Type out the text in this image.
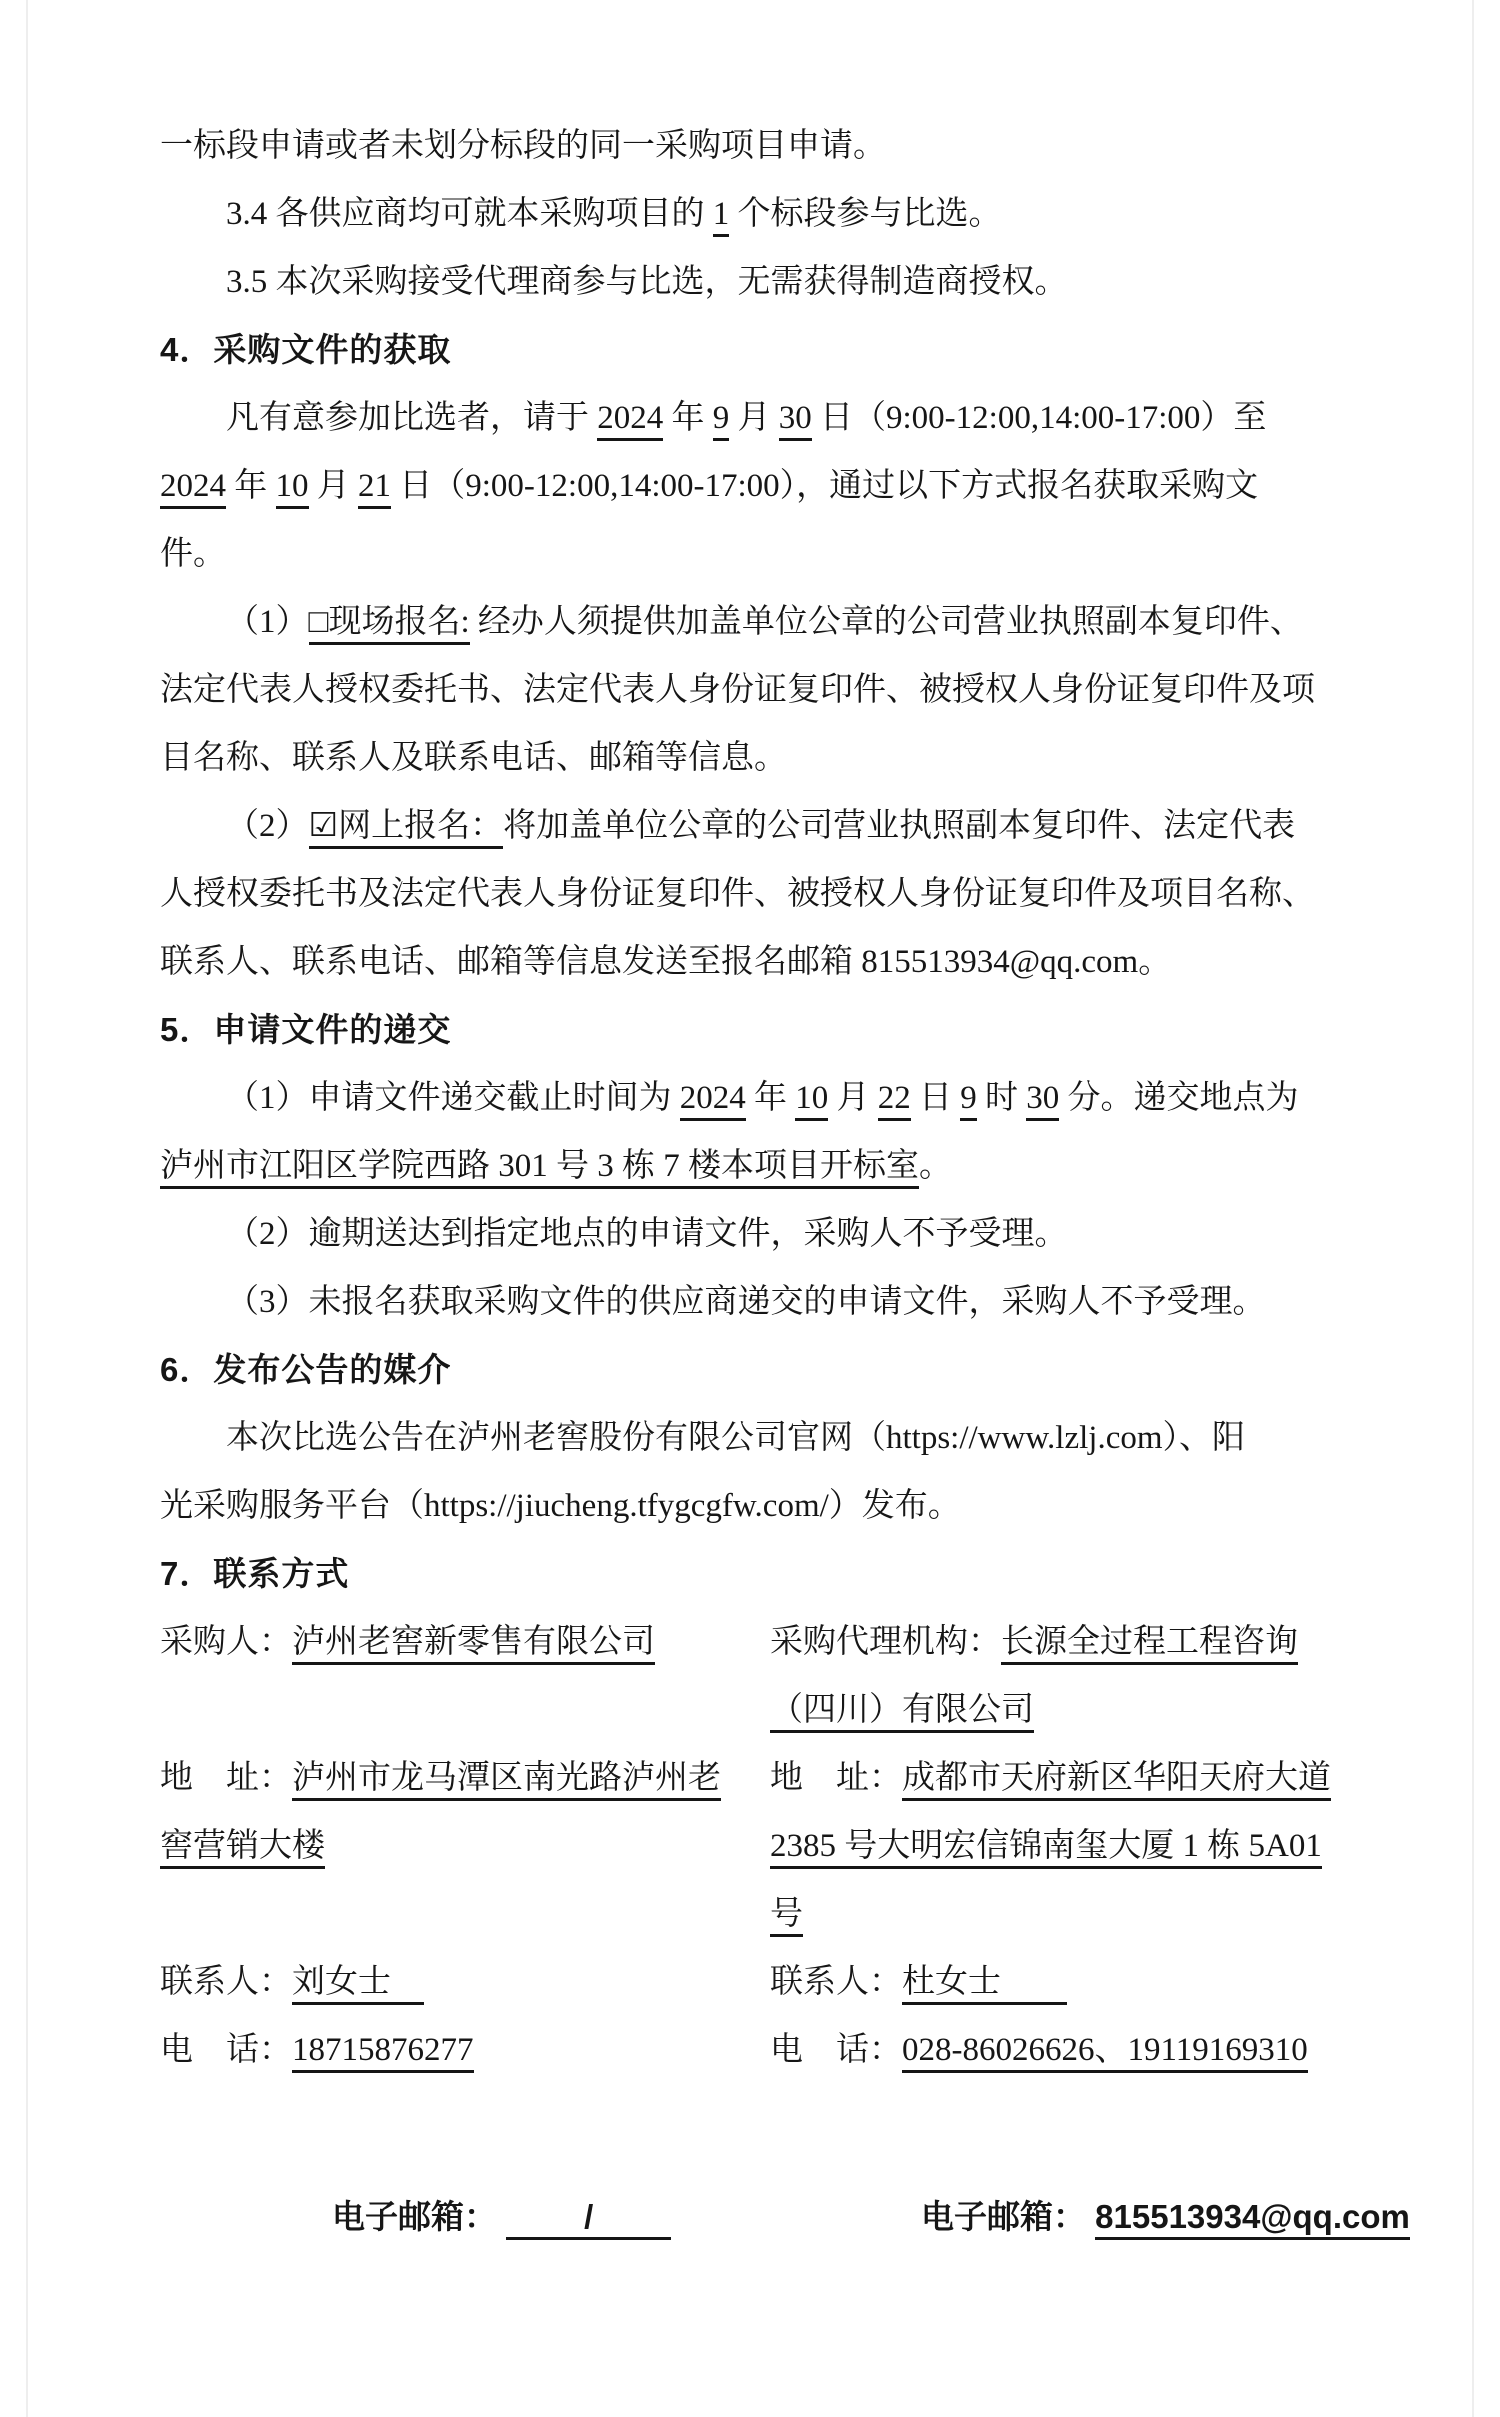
一标段申请或者未划分标段的同一采购项目申请。
3.4 各供应商均可就本采购项目的 1 个标段参与比选。
3.5 本次采购接受代理商参与比选，无需获得制造商授权。
4．采购文件的获取
凡有意参加比选者，请于 2024 年 9 月 30 日（9:00-12:00,14:00-17:00）至
2024 年 10 月 21 日（9:00-12:00,14:00-17:00），通过以下方式报名获取采购文
件。
（1）□现场报名: 经办人须提供加盖单位公章的公司营业执照副本复印件、
法定代表人授权委托书、法定代表人身份证复印件、被授权人身份证复印件及项
目名称、联系人及联系电话、邮箱等信息。
（2）☑网上报名：将加盖单位公章的公司营业执照副本复印件、法定代表
人授权委托书及法定代表人身份证复印件、被授权人身份证复印件及项目名称、
联系人、联系电话、邮箱等信息发送至报名邮箱 815513934@qq.com。
5．申请文件的递交
（1）申请文件递交截止时间为 2024 年 10 月 22 日 9 时 30 分。递交地点为
泸州市江阳区学院西路 301 号 3 栋 7 楼本项目开标室。
（2）逾期送达到指定地点的申请文件，采购人不予受理。
（3）未报名获取采购文件的供应商递交的申请文件，采购人不予受理。
6．发布公告的媒介
本次比选公告在泸州老窖股份有限公司官网（https://www.lzlj.com）、阳
光采购服务平台（https://jiucheng.tfygcgfw.com/）发布。
7．联系方式
采购人：泸州老窖新零售有限公司
地　址：泸州市龙马潭区南光路泸州老
窖营销大楼
联系人：刘女士　
电　话：18715876277
采购代理机构：长源全过程工程咨询
（四川）有限公司
地　址：成都市天府新区华阳天府大道
2385 号大明宏信锦南玺大厦 1 栋 5A01
号
联系人：杜女士　　
电　话：028-86026626、19119169310
电子邮箱：	/	电子邮箱： 815513934@qq.com
